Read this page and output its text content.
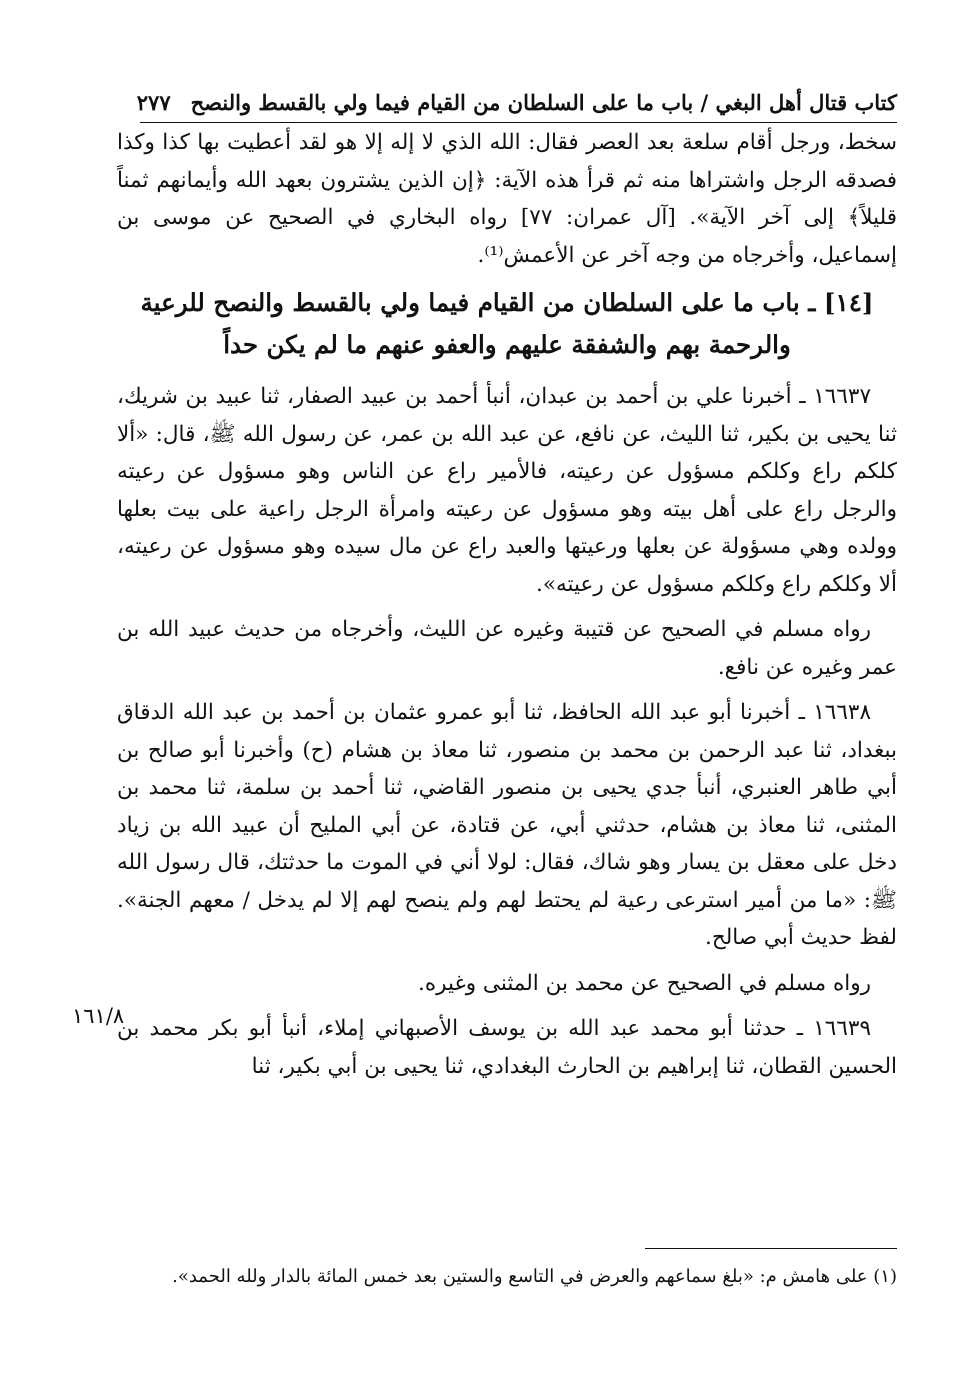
كتاب قتال أهل البغي / باب ما على السلطان من القيام فيما ولي بالقسط والنصح
٢٧٧

سخط، ورجل أقام سلعة بعد العصر فقال: الله الذي لا إله إلا هو لقد أعطيت بها كذا وكذا فصدقه الرجل واشتراها منه ثم قرأ هذه الآية: ﴿إن الذين يشترون بعهد الله وأيمانهم ثمناً قليلاً﴾ إلى آخر الآية». [آل عمران: ٧٧] رواه البخاري في الصحيح عن موسى بن إسماعيل، وأخرجاه من وجه آخر عن الأعمش⁽¹⁾.

[١٤] ـ باب ما على السلطان من القيام فيما ولي بالقسط والنصح للرعية
والرحمة بهم والشفقة عليهم والعفو عنهم ما لم يكن حداً

١٦٦٣٧ ـ أخبرنا علي بن أحمد بن عبدان، أنبأ أحمد بن عبيد الصفار، ثنا عبيد بن شريك، ثنا يحيى بن بكير، ثنا الليث، عن نافع، عن عبد الله بن عمر، عن رسول الله ﷺ، قال: «ألا كلكم راع وكلكم مسؤول عن رعيته، فالأمير راع عن الناس وهو مسؤول عن رعيته والرجل راع على أهل بيته وهو مسؤول عن رعيته وامرأة الرجل راعية على بيت بعلها وولده وهي مسؤولة عن بعلها ورعيتها والعبد راع عن مال سيده وهو مسؤول عن رعيته، ألا وكلكم راع وكلكم مسؤول عن رعيته».

رواه مسلم في الصحيح عن قتيبة وغيره عن الليث، وأخرجاه من حديث عبيد الله بن عمر وغيره عن نافع.

١٦٦٣٨ ـ أخبرنا أبو عبد الله الحافظ، ثنا أبو عمرو عثمان بن أحمد بن عبد الله الدقاق ببغداد، ثنا عبد الرحمن بن محمد بن منصور، ثنا معاذ بن هشام (ح) وأخبرنا أبو صالح بن أبي طاهر العنبري، أنبأ جدي يحيى بن منصور القاضي، ثنا أحمد بن سلمة، ثنا محمد بن المثنى، ثنا معاذ بن هشام، حدثني أبي، عن قتادة، عن أبي المليح أن عبيد الله بن زياد دخل على معقل بن يسار وهو شاك، فقال: لولا أني في الموت ما حدثتك، قال رسول الله ﷺ: «ما من أمير استرعى رعية لم يحتط لهم ولم ينصح لهم إلا لم يدخل / معهم الجنة». لفظ حديث أبي صالح.

رواه مسلم في الصحيح عن محمد بن المثنى وغيره.

١٦٦٣٩ ـ حدثنا أبو محمد عبد الله بن يوسف الأصبهاني إملاء، أنبأ أبو بكر محمد بن الحسين القطان، ثنا إبراهيم بن الحارث البغدادي، ثنا يحيى بن أبي بكير، ثنا

١٦١/٨
(١) على هامش م: «بلغ سماعهم والعرض في التاسع والستين بعد خمس المائة بالدار ولله الحمد».
